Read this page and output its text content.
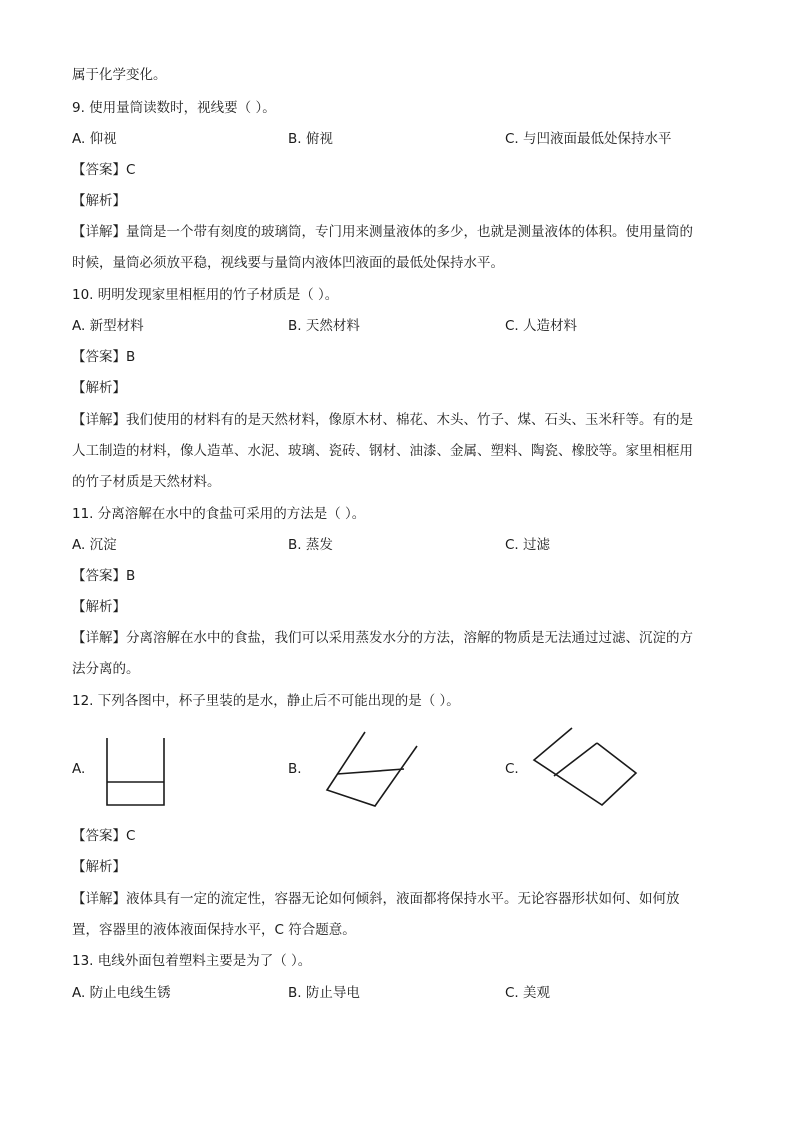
属于化学变化。
9. 使用量筒读数时，视线要（ ）。
A. 仰视	B. 俯视	C. 与凹液面最低处保持水平
【答案】C
【解析】
【详解】量筒是一个带有刻度的玻璃筒，专门用来测量液体的多少，也就是测量液体的体积。使用量筒的
时候，量筒必须放平稳，视线要与量筒内液体凹液面的最低处保持水平。
10. 明明发现家里相框用的竹子材质是（ ）。
A. 新型材料	B. 天然材料	C. 人造材料
【答案】B
【解析】
【详解】我们使用的材料有的是天然材料，像原木材、棉花、木头、竹子、煤、石头、玉米秆等。有的是
人工制造的材料，像人造革、水泥、玻璃、瓷砖、钢材、油漆、金属、塑料、陶瓷、橡胶等。家里相框用
的竹子材质是天然材料。
11. 分离溶解在水中的食盐可采用的方法是（ ）。
A. 沉淀	B. 蒸发	C. 过滤
【答案】B
【解析】
【详解】分离溶解在水中的食盐，我们可以采用蒸发水分的方法，溶解的物质是无法通过过滤、沉淀的方
法分离的。
12. 下列各图中，杯子里装的是水，静止后不可能出现的是（ ）。
A.	B.	C.
【答案】C
【解析】
【详解】液体具有一定的流定性，容器无论如何倾斜，液面都将保持水平。无论容器形状如何、如何放
置，容器里的液体液面保持水平，C 符合题意。
13. 电线外面包着塑料主要是为了（ ）。
A. 防止电线生锈	B. 防止导电	C. 美观
